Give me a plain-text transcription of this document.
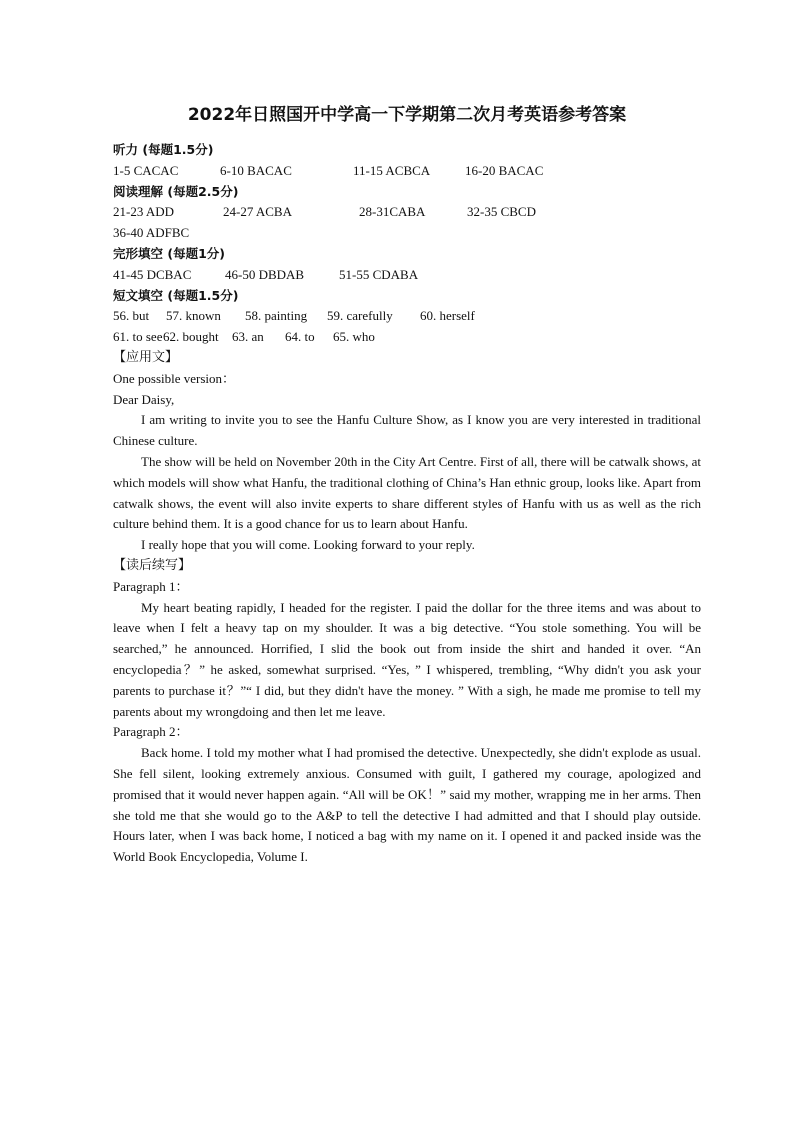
2022年日照国开中学高一下学期第二次月考英语参考答案
听力 (每题1.5分)
1-5 CACAC	6-10 BACAC	11-15 ACBCA	16-20 BACAC
阅读理解 (每题2.5分)
21-23 ADD	24-27 ACBA	28-31CABA	32-35 CBCD
36-40 ADFBC
完形填空 (每题1分)
41-45 DCBAC	46-50 DBDAB	51-55 CDABA
短文填空 (每题1.5分)
56. but	57. known	58. painting	59. carefully	60. herself
61. to see 62. bought	63. an	64. to	65. who
【应用文】

One possible version：

Dear Daisy,

I am writing to invite you to see the Hanfu Culture Show, as I know you are very interested in traditional Chinese culture.

The show will be held on November 20th in the City Art Centre. First of all, there will be catwalk shows, at which models will show what Hanfu, the traditional clothing of China’s Han ethnic group, looks like. Apart from catwalk shows, the event will also invite experts to share different styles of Hanfu with us as well as the rich culture behind them. It is a good chance for us to learn about Hanfu.

I really hope that you will come. Looking forward to your reply.

【读后续写】

Paragraph 1：

My heart beating rapidly, I headed for the register. I paid the dollar for the three items and was about to leave when I felt a heavy tap on my shoulder. It was a big detective. “You stole something. You will be searched,” he announced. Horrified, I slid the book out from inside the shirt and handed it over. “An encyclopedia？” he asked, somewhat surprised. “Yes, ” I whispered, trembling, “Why didn't you ask your parents to purchase it？”“ I did, but they didn't have the money. ” With a sigh, he made me promise to tell my parents about my wrongdoing and then let me leave.

Paragraph 2：

Back home. I told my mother what I had promised the detective. Unexpectedly, she didn't explode as usual. She fell silent, looking extremely anxious. Consumed with guilt, I gathered my courage, apologized and promised that it would never happen again. “All will be OK！” said my mother, wrapping me in her arms. Then she told me that she would go to the A&P to tell the detective I had admitted and that I should play outside. Hours later, when I was back home, I noticed a bag with my name on it. I opened it and packed inside was the World Book Encyclopedia, Volume I.
